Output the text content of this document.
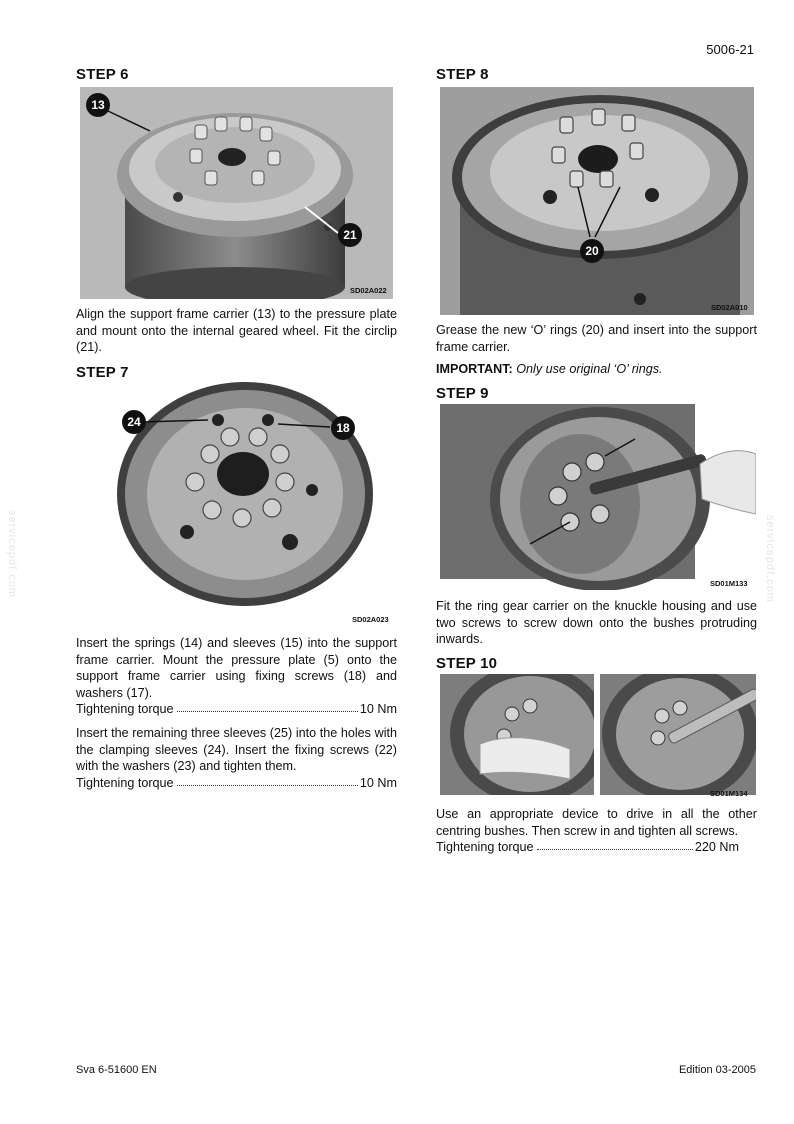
5006-21
servicepdf.com	servicepdf.com
STEP 6
13
21
SD02A022
Align the support frame carrier (13) to the pressure plate and mount onto the internal geared wheel. Fit the circlip (21).
STEP 7
24	18
SD02A023
Insert the springs (14) and sleeves (15) into the support frame carrier. Mount the pressure plate (5) onto the support frame carrier using fixing screws (18) and washers (17).
Tightening torque	10 Nm
Insert the remaining three sleeves (25) into the holes with the clamping sleeves (24). Insert the fixing screws (22) with the washers (23) and tighten them.
Tightening torque	10 Nm
STEP 8
20
SD02A010
Grease the new ‘O’ rings (20) and insert into the support frame carrier.
IMPORTANT: Only use original ‘O’ rings.
STEP 9
SD01M133
Fit the ring gear carrier on the knuckle housing and use two screws to screw down onto the bushes protruding inwards.
STEP 10
SD01M134
Use an appropriate device to drive in all the other centring bushes. Then screw in and tighten all screws.
Tightening torque	220 Nm
Sva 6-51600 EN	Edition 03-2005
